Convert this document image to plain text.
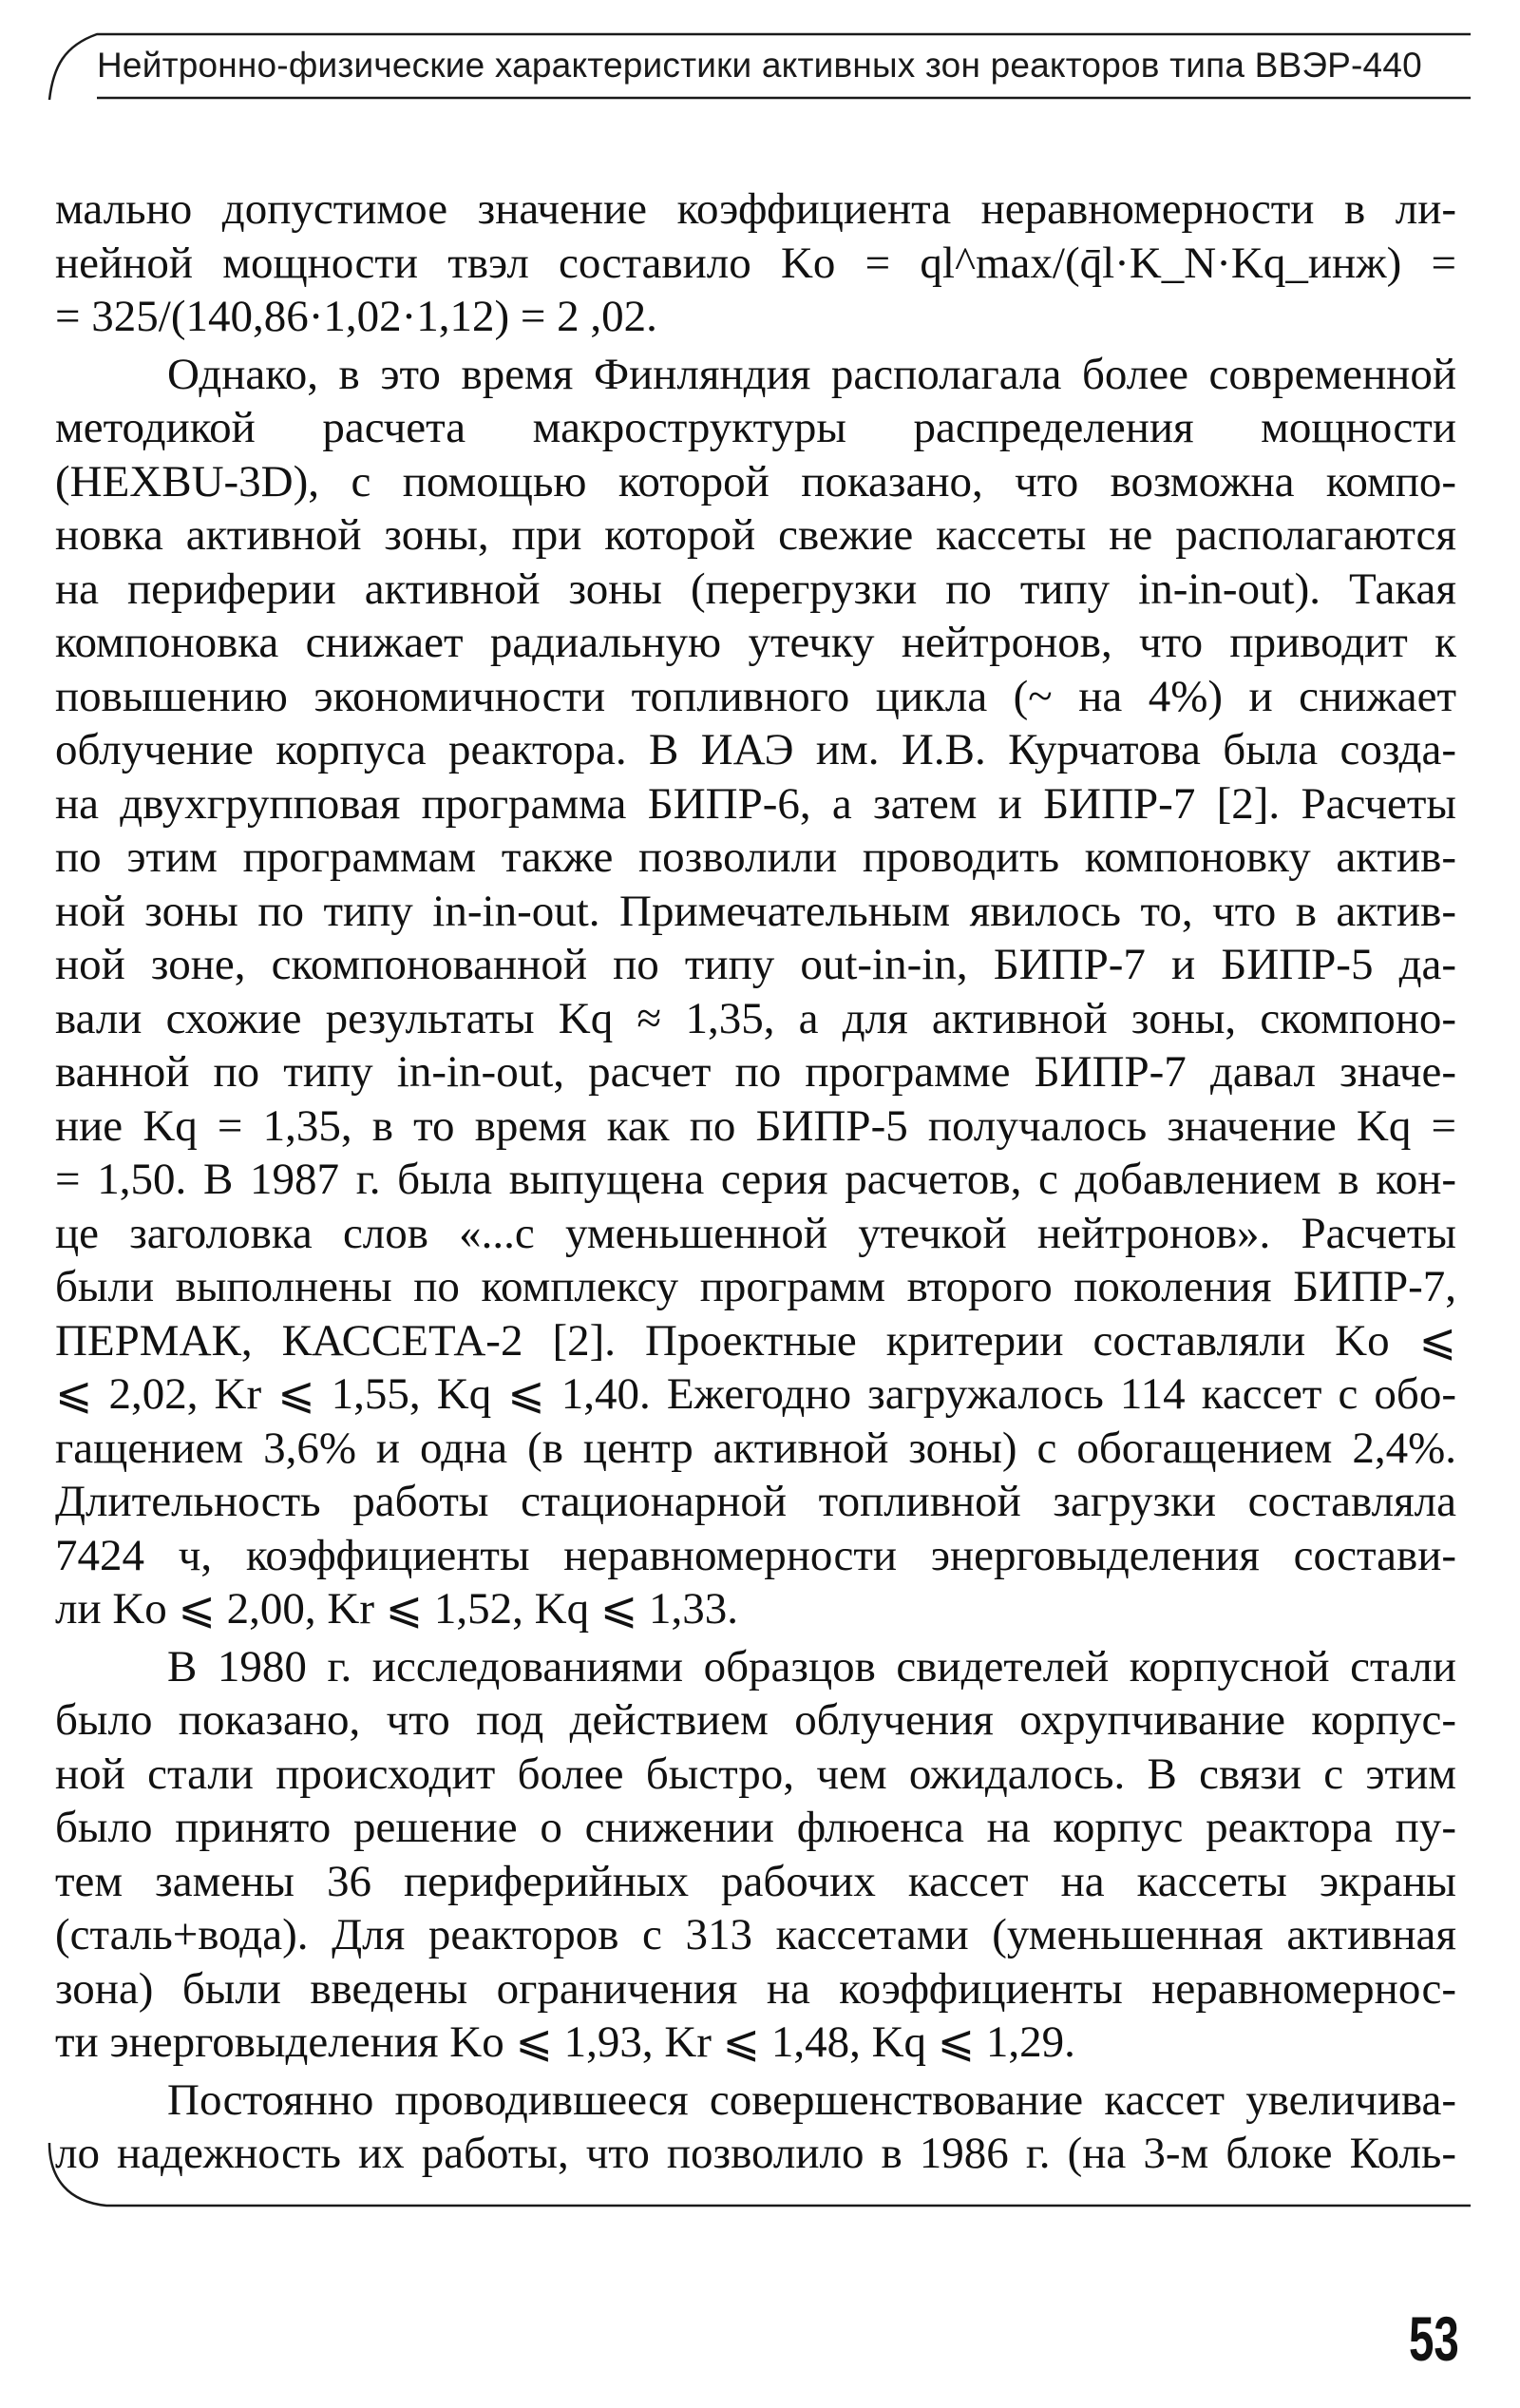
Нейтронно-физические характеристики активных зон реакторов типа ВВЭР-440

мально допустимое значение коэффициента неравномерности в ли-
нейной мощности твэл составило Ko = ql^max/(q̄l·K_N·Kq_инж) =
= 325/(140,86·1,02·1,12) = 2 ,02.

Однако, в это время Финляндия располагала более современной
методикой расчета макроструктуры распределения мощности
(HEXBU-3D), с помощью которой показано, что возможна компо-
новка активной зоны, при которой свежие кассеты не располагаются
на периферии активной зоны (перегрузки по типу in-in-out). Такая
компоновка снижает радиальную утечку нейтронов, что приводит к
повышению экономичности топливного цикла (~ на 4%) и снижает
облучение корпуса реактора. В ИАЭ им. И.В. Курчатова была созда-
на двухгрупповая программа БИПР-6, а затем и БИПР-7 [2]. Расчеты
по этим программам также позволили проводить компоновку актив-
ной зоны по типу in-in-out. Примечательным явилось то, что в актив-
ной зоне, скомпонованной по типу out-in-in, БИПР-7 и БИПР-5 да-
вали схожие результаты Kq ≈ 1,35, а для активной зоны, скомпоно-
ванной по типу in-in-out, расчет по программе БИПР-7 давал значе-
ние Kq = 1,35, в то время как по БИПР-5 получалось значение Kq =
= 1,50. В 1987 г. была выпущена серия расчетов, с добавлением в кон-
це заголовка слов «...с уменьшенной утечкой нейтронов». Расчеты
были выполнены по комплексу программ второго поколения БИПР-7,
ПЕРМАК, КАССЕТА-2 [2]. Проектные критерии составляли Ko ⩽
⩽ 2,02, Kr ⩽ 1,55, Kq ⩽ 1,40. Ежегодно загружалось 114 кассет с обо-
гащением 3,6% и одна (в центр активной зоны) с обогащением 2,4%.
Длительность работы стационарной топливной загрузки составляла
7424 ч, коэффициенты неравномерности энерговыделения состави-
ли Ko ⩽ 2,00, Kr ⩽ 1,52, Kq ⩽ 1,33.

В 1980 г. исследованиями образцов свидетелей корпусной стали
было показано, что под действием облучения охрупчивание корпус-
ной стали происходит более быстро, чем ожидалось. В связи с этим
было принято решение о снижении флюенса на корпус реактора пу-
тем замены 36 периферийных рабочих кассет на кассеты экраны
(сталь+вода). Для реакторов с 313 кассетами (уменьшенная активная
зона) были введены ограничения на коэффициенты неравномернос-
ти энерговыделения Ko ⩽ 1,93, Kr ⩽ 1,48, Kq ⩽ 1,29.

Постоянно проводившееся совершенствование кассет увеличива-
ло надежность их работы, что позволило в 1986 г. (на 3-м блоке Коль-

53
